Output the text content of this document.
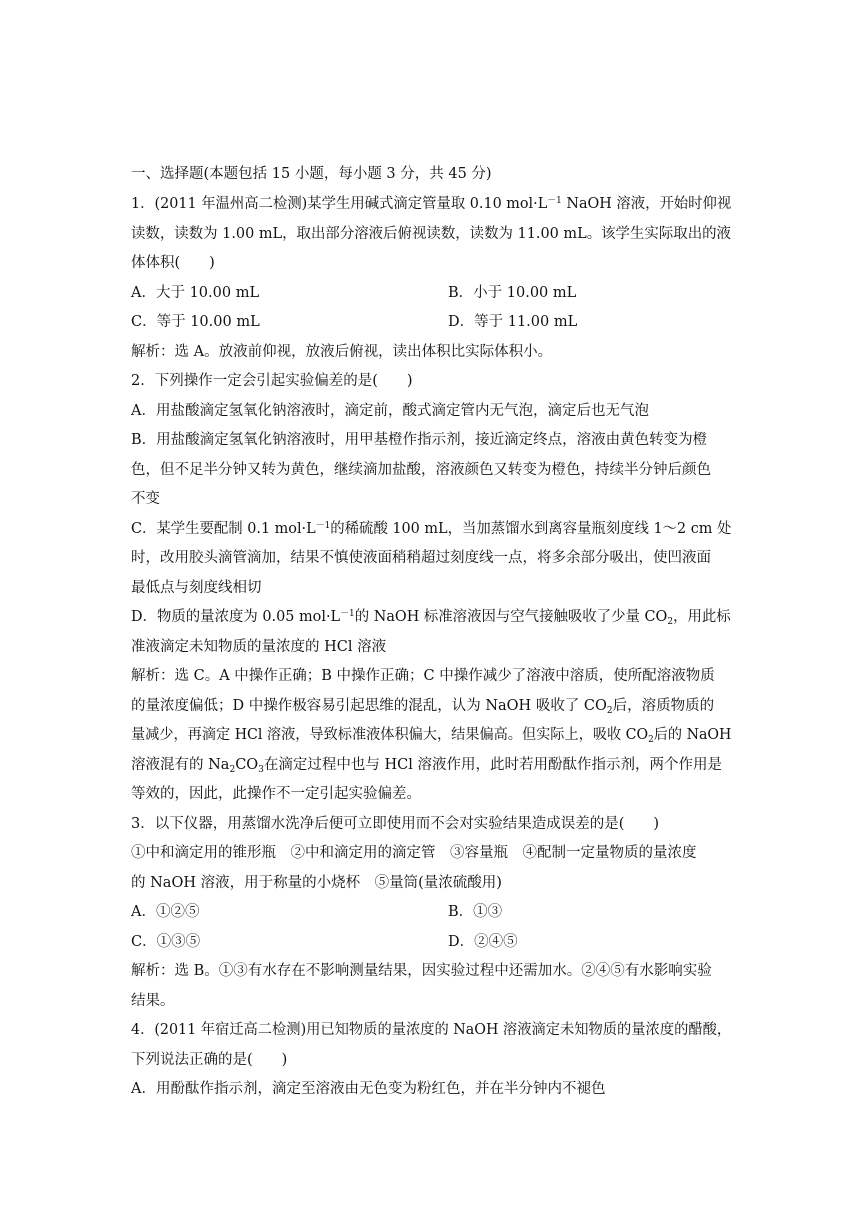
一、选择题(本题包括 15 小题，每小题 3 分，共 45 分)
1．(2011 年温州高二检测)某学生用碱式滴定管量取 0.10 $mol\cdot L^{-1}$ NaOH 溶液，开始时仰视
读数，读数为 1.00 mL，取出部分溶液后俯视读数，读数为 11.00 mL。该学生实际取出的液
体体积(　　)
A．大于 10.00 mL	B．小于 10.00 mL
C．等于 10.00 mL	D．等于 11.00 mL
解析：选 A。放液前仰视，放液后俯视，读出体积比实际体积小。
2．下列操作一定会引起实验偏差的是(　　)
A．用盐酸滴定氢氧化钠溶液时，滴定前，酸式滴定管内无气泡，滴定后也无气泡
B．用盐酸滴定氢氧化钠溶液时，用甲基橙作指示剂，接近滴定终点，溶液由黄色转变为橙
色，但不足半分钟又转为黄色，继续滴加盐酸，溶液颜色又转变为橙色，持续半分钟后颜色
不变
C．某学生要配制 0.1 $mol\cdot L^{-1}$的稀硫酸 100 mL，当加蒸馏水到离容量瓶刻度线 1～2 cm 处
时，改用胶头滴管滴加，结果不慎使液面稍稍超过刻度线一点，将多余部分吸出，使凹液面
最低点与刻度线相切
D．物质的量浓度为 0.05 $mol\cdot L^{-1}$的 NaOH 标准溶液因与空气接触吸收了少量 $CO_2$，用此标
准液滴定未知物质的量浓度的 HCl 溶液
解析：选 C。A 中操作正确；B 中操作正确；C 中操作减少了溶液中溶质，使所配溶液物质
的量浓度偏低；D 中操作极容易引起思维的混乱，认为 NaOH 吸收了 $CO_2$后，溶质物质的
量减少，再滴定 HCl 溶液，导致标准液体积偏大，结果偏高。但实际上，吸收 $CO_2$后的 NaOH
溶液混有的 $Na_2CO_3$在滴定过程中也与 HCl 溶液作用，此时若用酚酞作指示剂，两个作用是
等效的，因此，此操作不一定引起实验偏差。
3．以下仪器，用蒸馏水洗净后便可立即使用而不会对实验结果造成误差的是(　　)
①中和滴定用的锥形瓶　②中和滴定用的滴定管　③容量瓶　④配制一定量物质的量浓度
的 NaOH 溶液，用于称量的小烧杯　⑤量筒(量浓硫酸用)
A．①②⑤	B．①③
C．①③⑤	D．②④⑤
解析：选 B。①③有水存在不影响测量结果，因实验过程中还需加水。②④⑤有水影响实验
结果。
4．(2011 年宿迁高二检测)用已知物质的量浓度的 NaOH 溶液滴定未知物质的量浓度的醋酸，
下列说法正确的是(　　)
A．用酚酞作指示剂，滴定至溶液由无色变为粉红色，并在半分钟内不褪色
